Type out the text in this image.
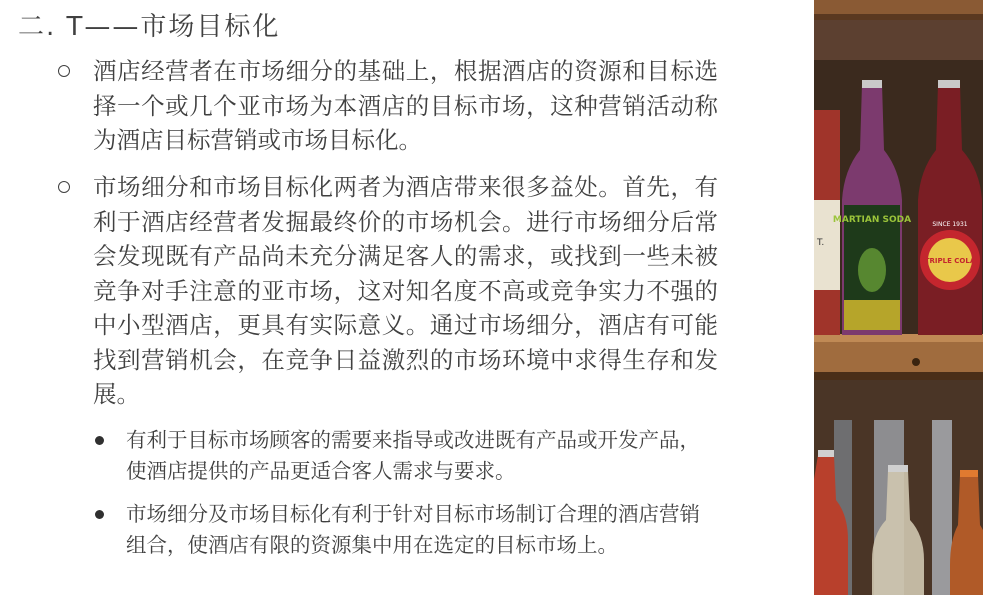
二. T——市场目标化
酒店经营者在市场细分的基础上，根据酒店的资源和目标选择一个或几个亚市场为本酒店的目标市场，这种营销活动称为酒店目标营销或市场目标化。
市场细分和市场目标化两者为酒店带来很多益处。首先，有利于酒店经营者发掘最终价的市场机会。进行市场细分后常会发现既有产品尚未充分满足客人的需求，或找到一些未被竞争对手注意的亚市场，这对知名度不高或竞争实力不强的中小型酒店，更具有实际意义。通过市场细分，酒店有可能找到营销机会，在竞争日益激烈的市场环境中求得生存和发展。
有利于目标市场顾客的需要来指导或改进既有产品或开发产品，使酒店提供的产品更适合客人需求与要求。
市场细分及市场目标化有利于针对目标市场制订合理的酒店营销组合，使酒店有限的资源集中用在选定的目标市场上。
T.
MARTIAN SODA	SINCE 1931
TRIPLE COLA
